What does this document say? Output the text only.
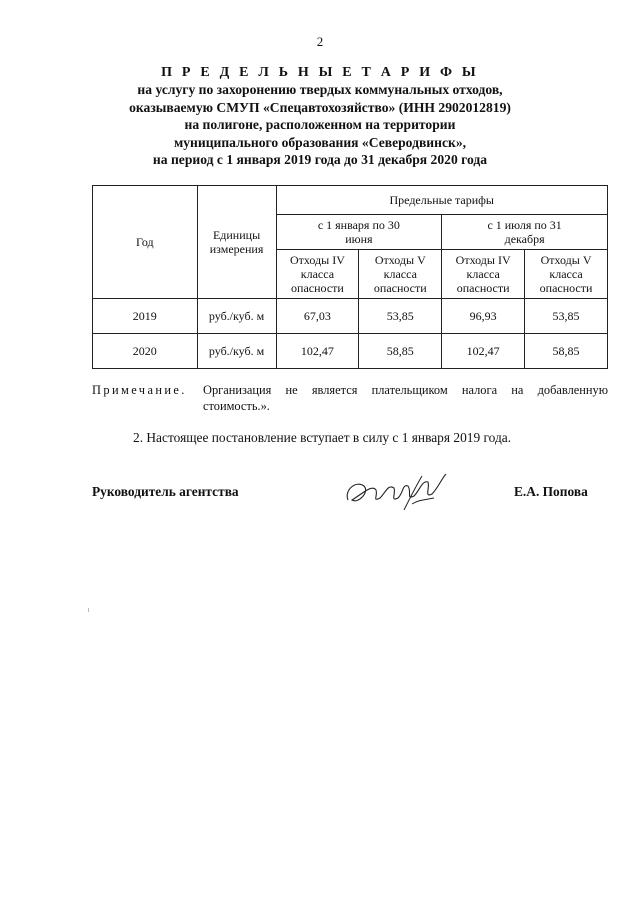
2
П Р Е Д Е Л Ь Н Ы Е Т А Р И Ф Ы
на услугу по захоронению твердых коммунальных отходов,
оказываемую СМУП «Спецавтохозяйство» (ИНН 2902012819)
на полигоне, расположенном на территории
муниципального образования «Северодвинск»,
на период с 1 января 2019 года до 31 декабря 2020 года
Год	Единицы измерения	Предельные тарифы			

		с 1 января по 30 июня		с 1 июля по 31 декабря	

		Отходы IV класса опасности	Отходы V класса опасности	Отходы IV класса опасности	Отходы V класса опасности
2019	руб./куб. м	67,03	53,85	96,93	53,85
2020	руб./куб. м	102,47	58,85	102,47	58,85
Примечание. Организация не является плательщиком налога на добавленную стоимость.».
2. Настоящее постановление вступает в силу с 1 января 2019 года.
Руководитель агентства	Е.А. Попова
